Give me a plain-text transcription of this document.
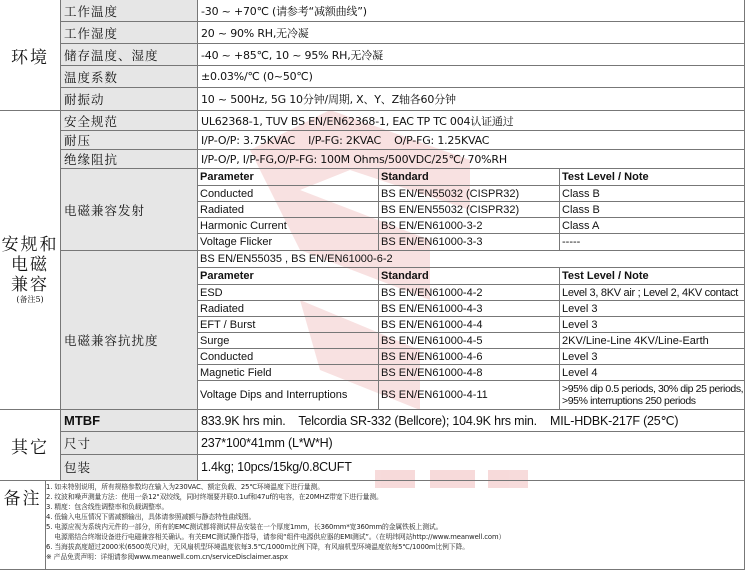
环境
工作温度	-30 ~ +70℃ (请参考“减额曲线”)
工作湿度	20 ~ 90% RH,无冷凝
储存温度、湿度	-40 ~ +85℃, 10 ~ 95% RH,无冷凝
温度系数	±0.03%/℃ (0~50℃)
耐振动	10 ~ 500Hz, 5G 10分钟/周期, X、Y、Z轴各60分钟
安规和
电磁
兼容
(备注5)
安全规范	UL62368-1, TUV BS EN/EN62368-1, EAC TP TC 004认证通过
耐压	I/P-O/P: 3.75KVAC    I/P-FG: 2KVAC    O/P-FG: 1.25KVAC
绝缘阻抗	I/P-O/P, I/P-FG,O/P-FG: 100M Ohms/500VDC/25℃/ 70%RH
电磁兼容发射
Parameter	Standard	Test Level / Note
Conducted	BS EN/EN55032 (CISPR32)	Class B
Radiated	BS EN/EN55032 (CISPR32)	Class B
Harmonic Current	BS EN/EN61000-3-2	Class A
Voltage Flicker	BS EN/EN61000-3-3	-----
电磁兼容抗扰度
BS EN/EN55035 , BS EN/EN61000-6-2
Parameter	Standard	Test Level / Note
ESD	BS EN/EN61000-4-2	Level 3, 8KV air ; Level 2, 4KV contact
Radiated	BS EN/EN61000-4-3	Level 3
EFT / Burst	BS EN/EN61000-4-4	Level 3
Surge	BS EN/EN61000-4-5	2KV/Line-Line 4KV/Line-Earth
Conducted	BS EN/EN61000-4-6	Level 3
Magnetic Field	BS EN/EN61000-4-8	Level 4
Voltage Dips and Interruptions	BS EN/EN61000-4-11	>95% dip 0.5 periods, 30% dip 25 periods,
>95% interruptions 250 periods
其它
MTBF	833.9K hrs min.    Telcordia SR-332 (Bellcore); 104.9K hrs min.    MIL-HDBK-217F (25℃)
尺寸	237*100*41mm (L*W*H)
包装	1.4kg; 10pcs/15kg/0.8CUFT
备注
1. 如未特别说明，所有规格参数均在输入为230VAC、额定负载、25℃环境温度下进行量测。
2. 纹波和噪声测量方法：使用一条12"双绞线，同时终端要并联0.1uf和47uf的电容，在20MHZ带宽下进行量测。
3. 精度：包含线性调整率和负载调整率。
4. 低输入电压情况下需减额输出，具体请参照减额与静态特性曲线图。
5. 电源应视为系统内元件的一部分，所有的EMC测试都将测试样品安装在一个厚度1mm，长360mm*宽360mm的金属铁板上测试。
电源需结合终端设备进行电磁兼容相关确认。有关EMC测试操作指导，请参阅“组件电源供应器的EMI测试”。（在明纬网站http://www.meanwell.com）
6. 当海拔高度超过2000米(6500英尺)时，无风扇机型环境温度依每3.5℃/1000m比例下降，有风扇机型环境温度依每5℃/1000m比例下降。
※ 产品免责声明：详细请参阅www.meanwell.com.cn/serviceDisclaimer.aspx
